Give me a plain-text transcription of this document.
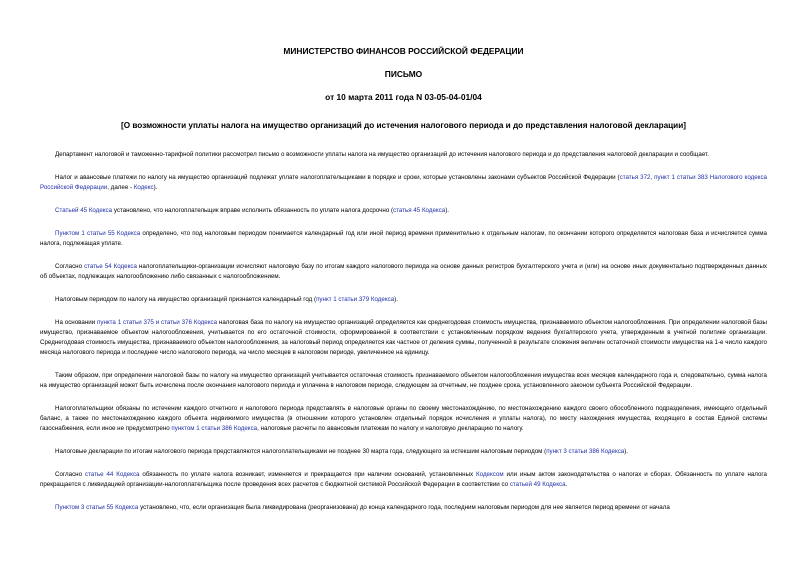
МИНИСТЕРСТВО ФИНАНСОВ РОССИЙСКОЙ ФЕДЕРАЦИИ
ПИСЬМО
от 10 марта 2011 года N 03-05-04-01/04
[О возможности уплаты налога на имущество организаций до истечения налогового периода и до представления налоговой декларации]

Департамент налоговой и таможенно-тарифной политики рассмотрел письмо о возможности уплаты налога на имущество организаций до истечения налогового периода и до представления налоговой декларации и сообщает.

Налог и авансовые платежи по налогу на имущество организаций подлежат уплате налогоплательщиками в порядке и сроки, которые установлены законами субъектов Российской Федерации (статья 372, пункт 1 статьи 383 Налогового кодекса Российской Федерации, далее - Кодекс).

Статьей 45 Кодекса установлено, что налогоплательщик вправе исполнить обязанность по уплате налога досрочно (статья 45 Кодекса).

Пунктом 1 статьи 55 Кодекса определено, что под налоговым периодом понимается календарный год или иной период времени применительно к отдельным налогам, по окончании которого определяется налоговая база и исчисляется сумма налога, подлежащая уплате.

Согласно статье 54 Кодекса налогоплательщики-организации исчисляют налоговую базу по итогам каждого налогового периода на основе данных регистров бухгалтерского учета и (или) на основе иных документально подтвержденных данных об объектах, подлежащих налогообложению либо связанных с налогообложением.

Налоговым периодом по налогу на имущество организаций признается календарный год (пункт 1 статьи 379 Кодекса).

На основании пункта 1 статьи 375 и статьи 376 Кодекса налоговая база по налогу на имущество организаций определяется как среднегодовая стоимость имущества, признаваемого объектом налогообложения. При определении налоговой базы имущество, признаваемое объектом налогообложения, учитывается по его остаточной стоимости, сформированной в соответствии с установленным порядком ведения бухгалтерского учета, утвержденным в учетной политике организации. Среднегодовая стоимость имущества, признаваемого объектом налогообложения, за налоговый период определяется как частное от деления суммы, полученной в результате сложения величин остаточной стоимости имущества на 1-е число каждого месяца налогового периода и последнее число налогового периода, на число месяцев в налоговом периоде, увеличенное на единицу.

Таким образом, при определении налоговой базы по налогу на имущество организаций учитывается остаточная стоимость признаваемого объектом налогообложения имущества всех месяцев календарного года и, следовательно, сумма налога на имущество организаций может быть исчислена после окончания налогового периода и уплачена в налоговом периоде, следующем за отчетным, не позднее срока, установленного законом субъекта Российской Федерации.

Налогоплательщики обязаны по истечении каждого отчетного и налогового периода представлять в налоговые органы по своему местонахождению, по местонахождению каждого своего обособленного подразделения, имеющего отдельный баланс, а также по местонахождению каждого объекта недвижимого имущества (в отношении которого установлен отдельный порядок исчисления и уплаты налога), по месту нахождения имущества, входящего в состав Единой системы газоснабжения, если иное не предусмотрено пунктом 1 статьи 386 Кодекса, налоговые расчеты по авансовым платежам по налогу и налоговую декларацию по налогу.

Налоговые декларации по итогам налогового периода представляются налогоплательщиками не позднее 30 марта года, следующего за истекшим налоговым периодом (пункт 3 статьи 386 Кодекса).

Согласно статье 44 Кодекса обязанность по уплате налога возникает, изменяется и прекращается при наличии оснований, установленных Кодексом или иным актом законодательства о налогах и сборах. Обязанность по уплате налога прекращается с ликвидацией организации-налогоплательщика после проведения всех расчетов с бюджетной системой Российской Федерации в соответствии со статьей 49 Кодекса.

Пунктом 3 статьи 55 Кодекса установлено, что, если организация была ликвидирована (реорганизована) до конца календарного года, последним налоговым периодом для нее является период времени от начала
